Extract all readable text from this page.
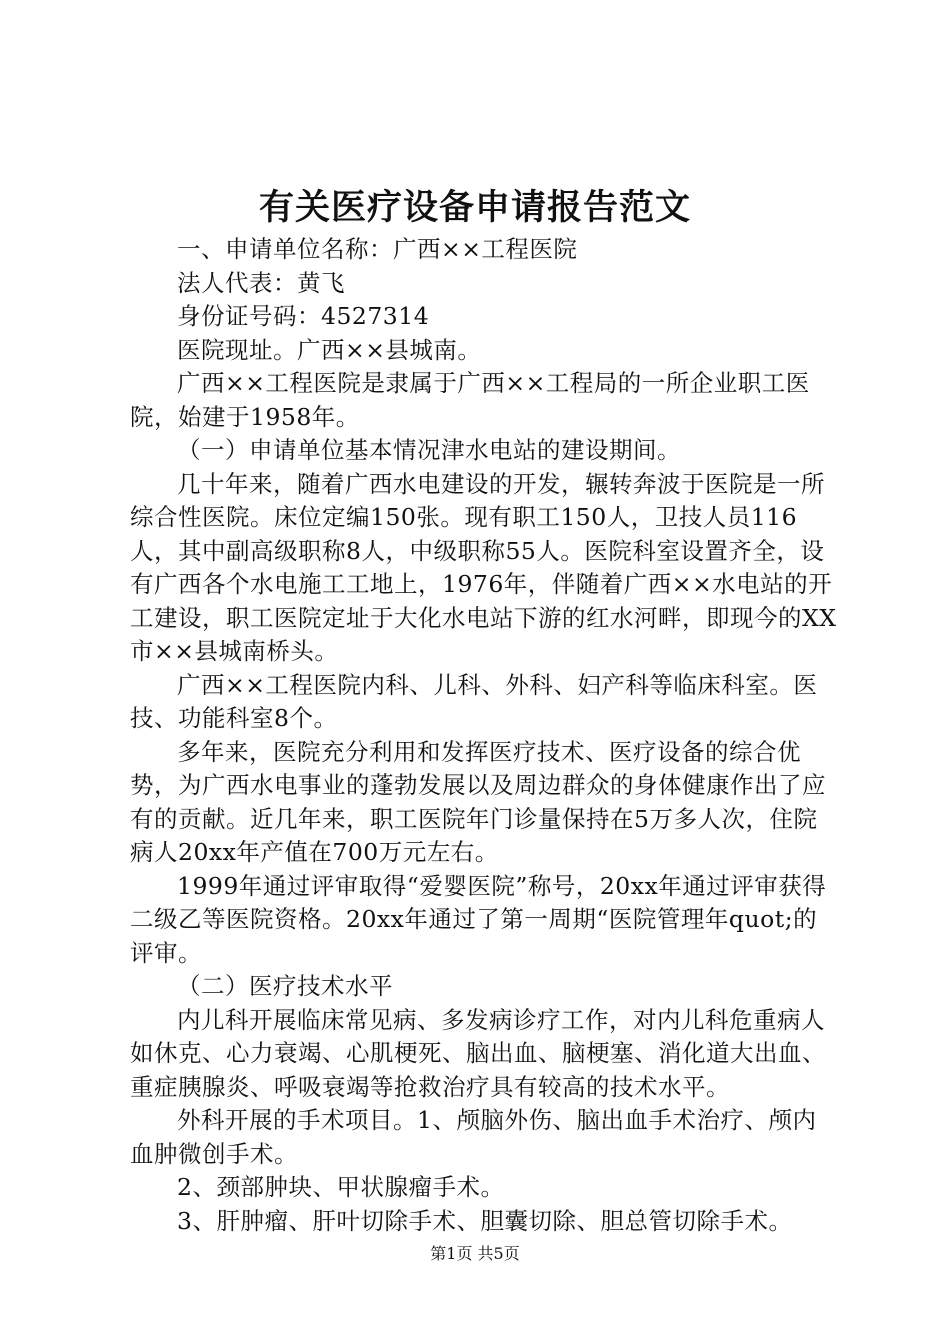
有关医疗设备申请报告范文

一、申请单位名称：广西××工程医院

法人代表：黄飞

身份证号码：4527314

医院现址。广西××县城南。

广西××工程医院是隶属于广西××工程局的一所企业职工医院，始建于1958年。

（一）申请单位基本情况津水电站的建设期间。

几十年来，随着广西水电建设的开发，辗转奔波于医院是一所综合性医院。床位定编150张。现有职工150人，卫技人员116人，其中副高级职称8人，中级职称55人。医院科室设置齐全，设有广西各个水电施工工地上，1976年，伴随着广西××水电站的开工建设，职工医院定址于大化水电站下游的红水河畔，即现今的XX市××县城南桥头。

广西××工程医院内科、儿科、外科、妇产科等临床科室。医技、功能科室8个。

多年来，医院充分利用和发挥医疗技术、医疗设备的综合优势，为广西水电事业的蓬勃发展以及周边群众的身体健康作出了应有的贡献。近几年来，职工医院年门诊量保持在5万多人次，住院病人20xx年产值在700万元左右。

1999年通过评审取得“爱婴医院”称号，20xx年通过评审获得二级乙等医院资格。20xx年通过了第一周期“医院管理年quot;的评审。

（二）医疗技术水平

内儿科开展临床常见病、多发病诊疗工作，对内儿科危重病人如休克、心力衰竭、心肌梗死、脑出血、脑梗塞、消化道大出血、重症胰腺炎、呼吸衰竭等抢救治疗具有较高的技术水平。

外科开展的手术项目。1、颅脑外伤、脑出血手术治疗、颅内血肿微创手术。

2、颈部肿块、甲状腺瘤手术。

3、肝肿瘤、肝叶切除手术、胆囊切除、胆总管切除手术。

第1页 共5页
